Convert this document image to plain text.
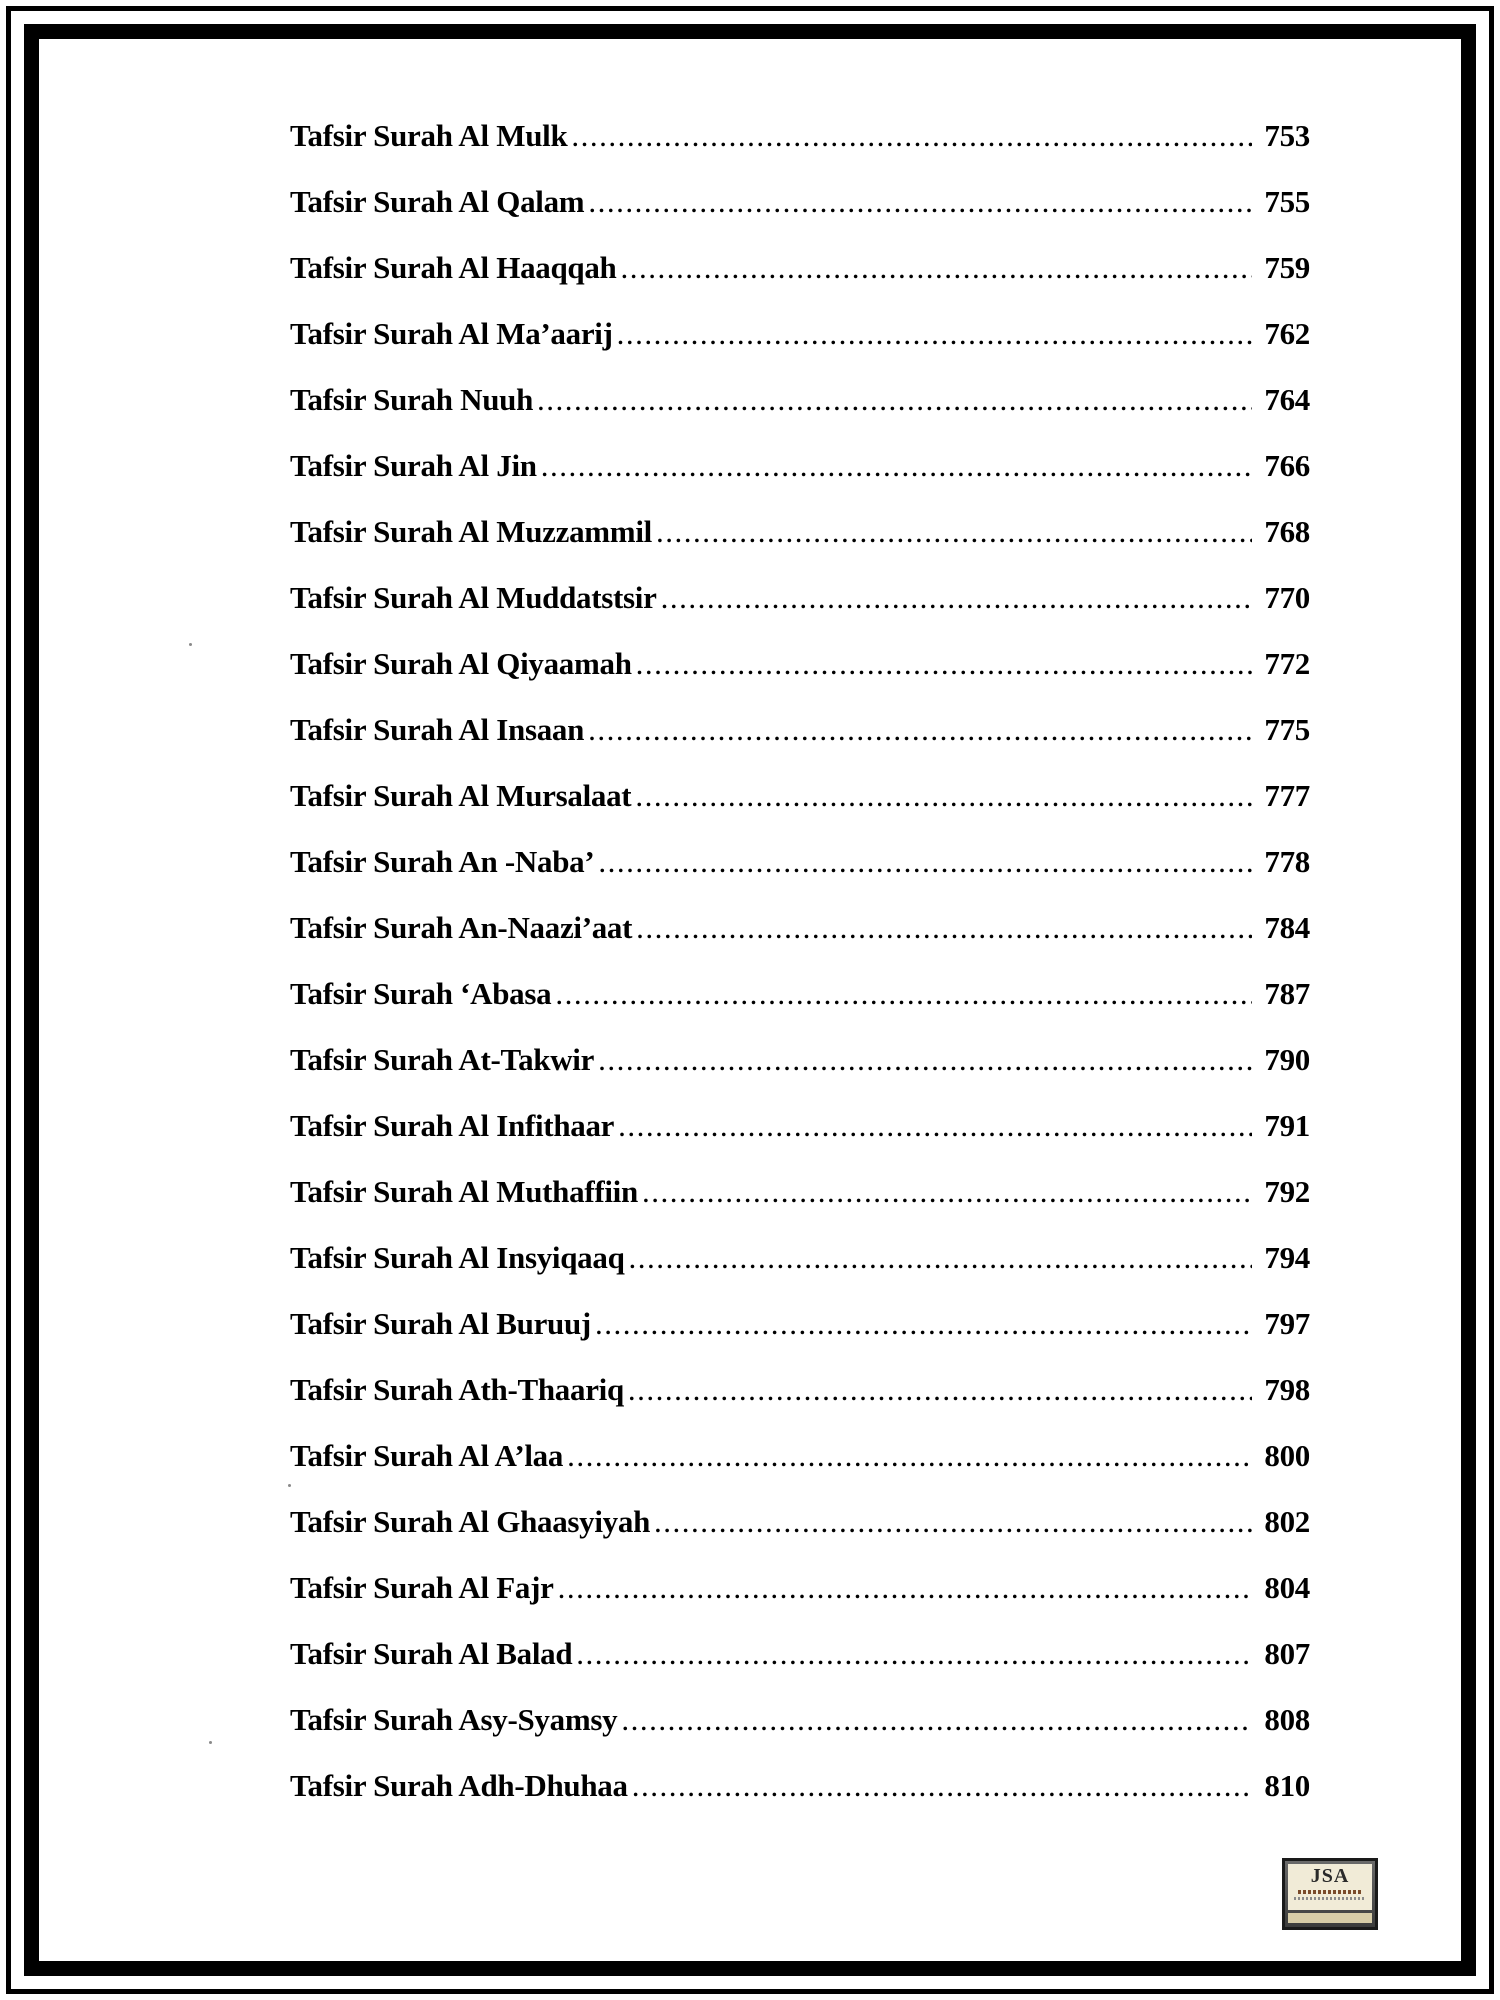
Tafsir Surah Al Mulk .....	753
Tafsir Surah Al Qalam .....	755
Tafsir Surah Al Haaqqah .....	759
Tafsir Surah Al Ma’aarij .....	762
Tafsir Surah Nuuh .....	764
Tafsir Surah Al Jin .....	766
Tafsir Surah Al Muzzammil .....	768
Tafsir Surah Al Muddatstsir .....	770
Tafsir Surah Al Qiyaamah .....	772
Tafsir Surah Al Insaan .....	775
Tafsir Surah Al Mursalaat .....	777
Tafsir Surah An -Naba’ .....	778
Tafsir Surah An-Naazi’aat .....	784
Tafsir Surah ‘Abasa .....	787
Tafsir Surah At-Takwir .....	790
Tafsir Surah Al Infithaar .....	791
Tafsir Surah Al Muthaffiin .....	792
Tafsir Surah Al Insyiqaaq .....	794
Tafsir Surah Al Buruuj .....	797
Tafsir Surah Ath-Thaariq .....	798
Tafsir Surah Al A’laa .....	800
Tafsir Surah Al Ghaasyiyah .....	802
Tafsir Surah Al Fajr .....	804
Tafsir Surah Al Balad .....	807
Tafsir Surah Asy-Syamsy .....	808
Tafsir Surah Adh-Dhuhaa .....	810
JSA
